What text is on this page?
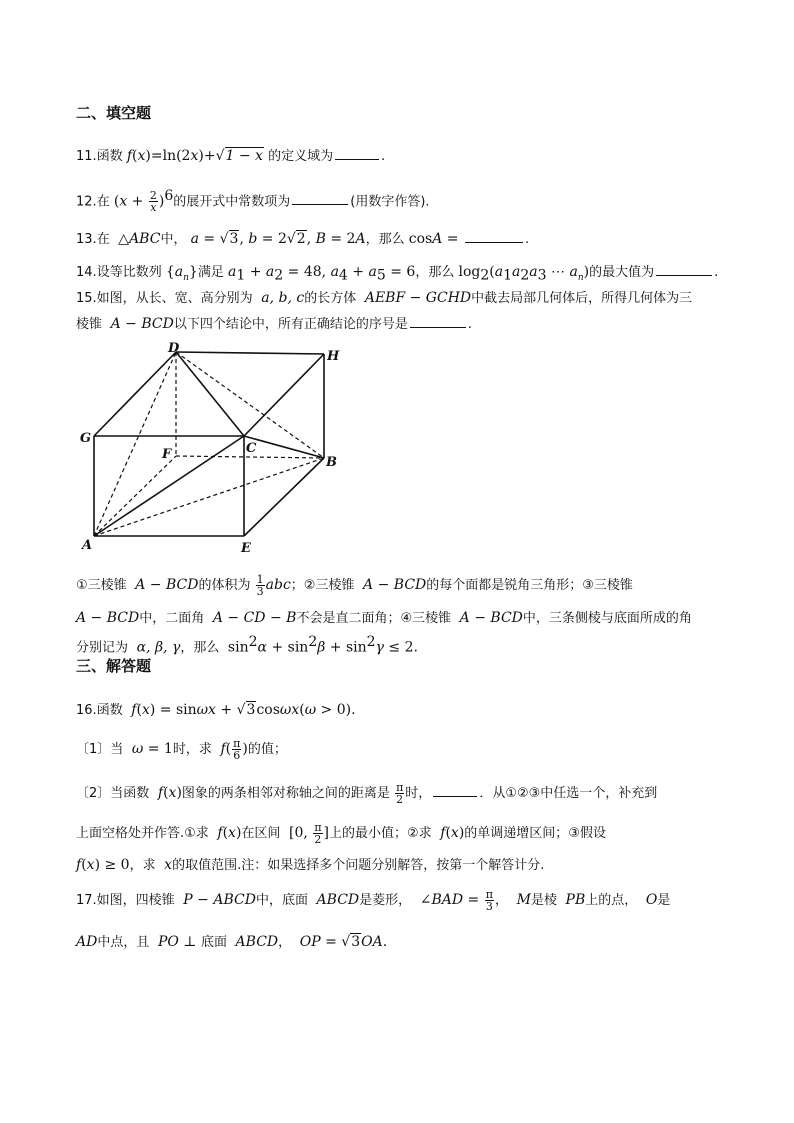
二、填空题
11.函数 f(x)=ln(2x)+√1 − x 的定义域为	.
12.在 $(x + \frac{2}{x} )^6$的展开式中常数项为	(用数字作答).
13.在  △ABC中， a = √3, b = 2√2, B = 2A，那么 cosA =	.
14.设等比数列 $\{a_n\}$满足 $a_1 + a_2 = 48$, $a_4 + a_5 = 6$，那么 $\log_2(a_1a_2a_3$ ⋯ $a_n$)的最大值为	.
15.如图，从长、宽、高分别为  a, b, c的长方体  AEBF − GCHD中截去局部几何体后，所得几何体为三
棱锥  A − BCD以下四个结论中，所有正确结论的序号是	.
D
H
G
F	C
B
A	E
①三棱锥  A − BCD的体积为 $\frac{1}{3}$ abc；②三棱锥  A − BCD的每个面都是锐角三角形；③三棱锥
A − BCD中，二面角  A − CD − B不会是直二面角；④三棱锥  A − BCD中，三条侧棱与底面所成的角
分别记为  α, β, γ，那么  $\sin^2\alpha + \sin^2\beta + \sin^2\gamma \le 2$.
三、解答题
16.函数  f(x) = sinωx + √3cosωx(ω > 0).
〔1〕当  ω = 1时，求  $f( \frac{\pi}{6}$ )的值；
〔2〕当函数  f(x)图象的两条相邻对称轴之间的距离是 $\frac{\pi}{2}$ 时，	．从①②③中任选一个，补充到
上面空格处并作答.①求  f(x)在区间  [0, $\frac{\pi}{2}$ ]上的最小值；②求  f(x)的单调递增区间；③假设
f(x) ≥ 0，求  x的取值范围.注：如果选择多个问题分别解答，按第一个解答计分.
17.如图，四棱锥  P − ABCD中，底面  ABCD是菱形，  ∠BAD = $\frac{\pi}{3}$ ，  M是棱  PB上的点，  O是
AD中点，且  PO ⊥ 底面  ABCD，  OP = √3OA.
